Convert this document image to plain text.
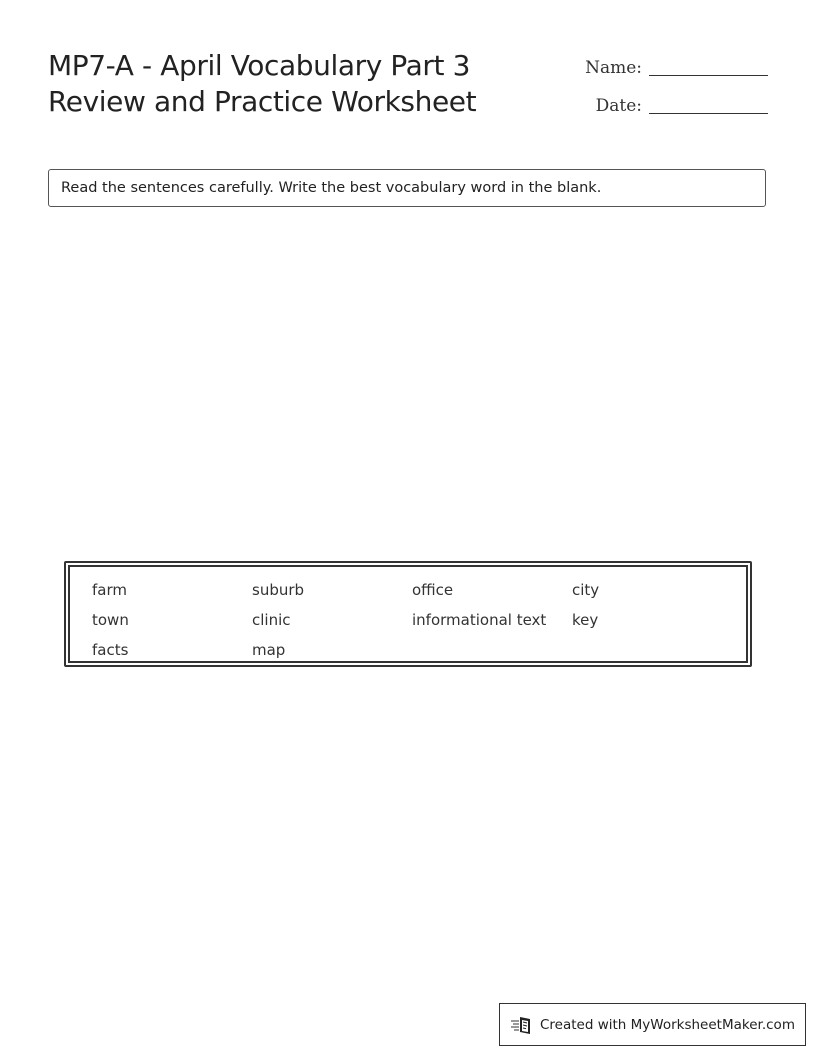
MP7-A - April Vocabulary Part 3
Review and Practice Worksheet
Name:
Date:
Read the sentences carefully. Write the best vocabulary word in the blank.
farm	suburb	office	city
town	clinic	informational text	key
facts	map
Created with MyWorksheetMaker.com
